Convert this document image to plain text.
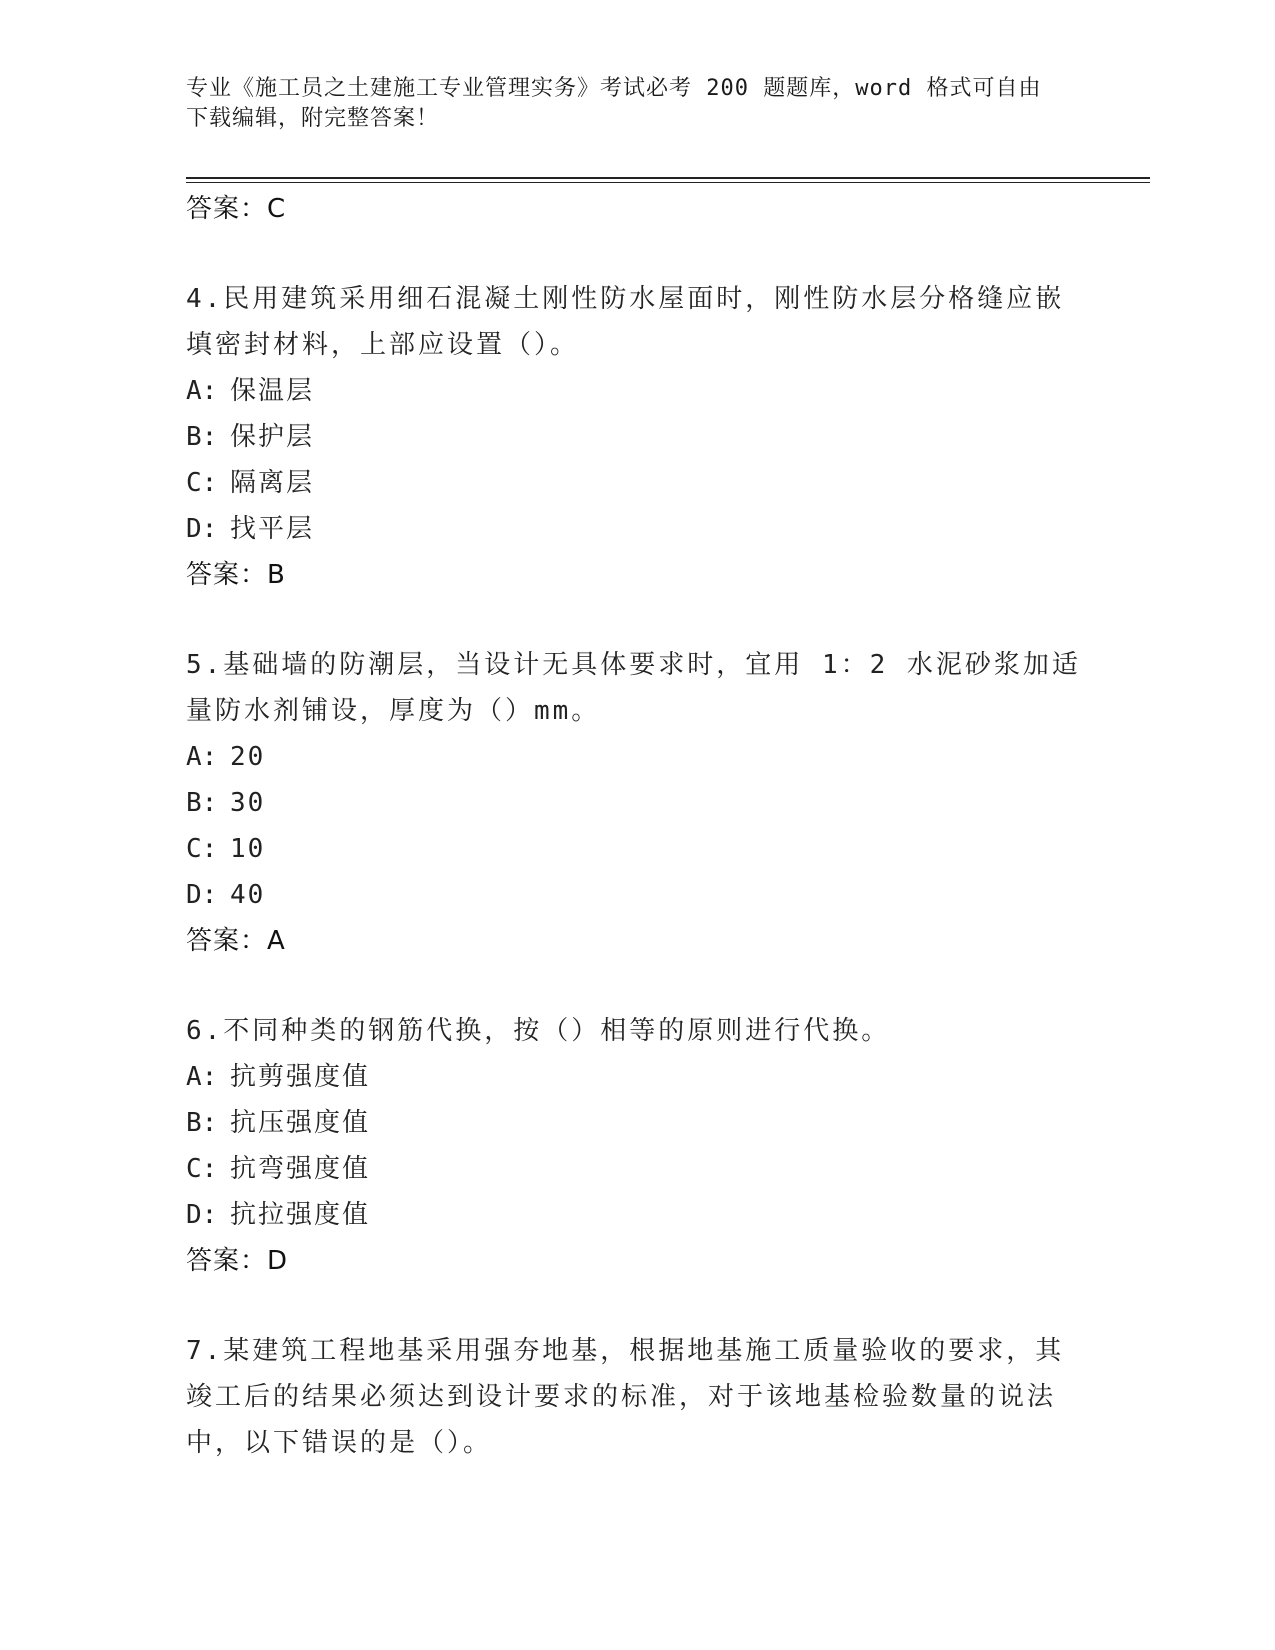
专业《施工员之土建施工专业管理实务》考试必考 200 题题库，word 格式可自由
下载编辑，附完整答案！
答案：C
4.民用建筑采用细石混凝土刚性防水屋面时，刚性防水层分格缝应嵌填密封材料，上部应设置（）。
A: 保温层
B: 保护层
C: 隔离层
D: 找平层
答案：B
5.基础墙的防潮层，当设计无具体要求时，宜用 1：2 水泥砂浆加适量防水剂铺设，厚度为（）mm。
A: 20
B: 30
C: 10
D: 40
答案：A
6.不同种类的钢筋代换，按（）相等的原则进行代换。
A: 抗剪强度值
B: 抗压强度值
C: 抗弯强度值
D: 抗拉强度值
答案：D
7.某建筑工程地基采用强夯地基，根据地基施工质量验收的要求，其竣工后的结果必须达到设计要求的标准，对于该地基检验数量的说法中，以下错误的是（）。
